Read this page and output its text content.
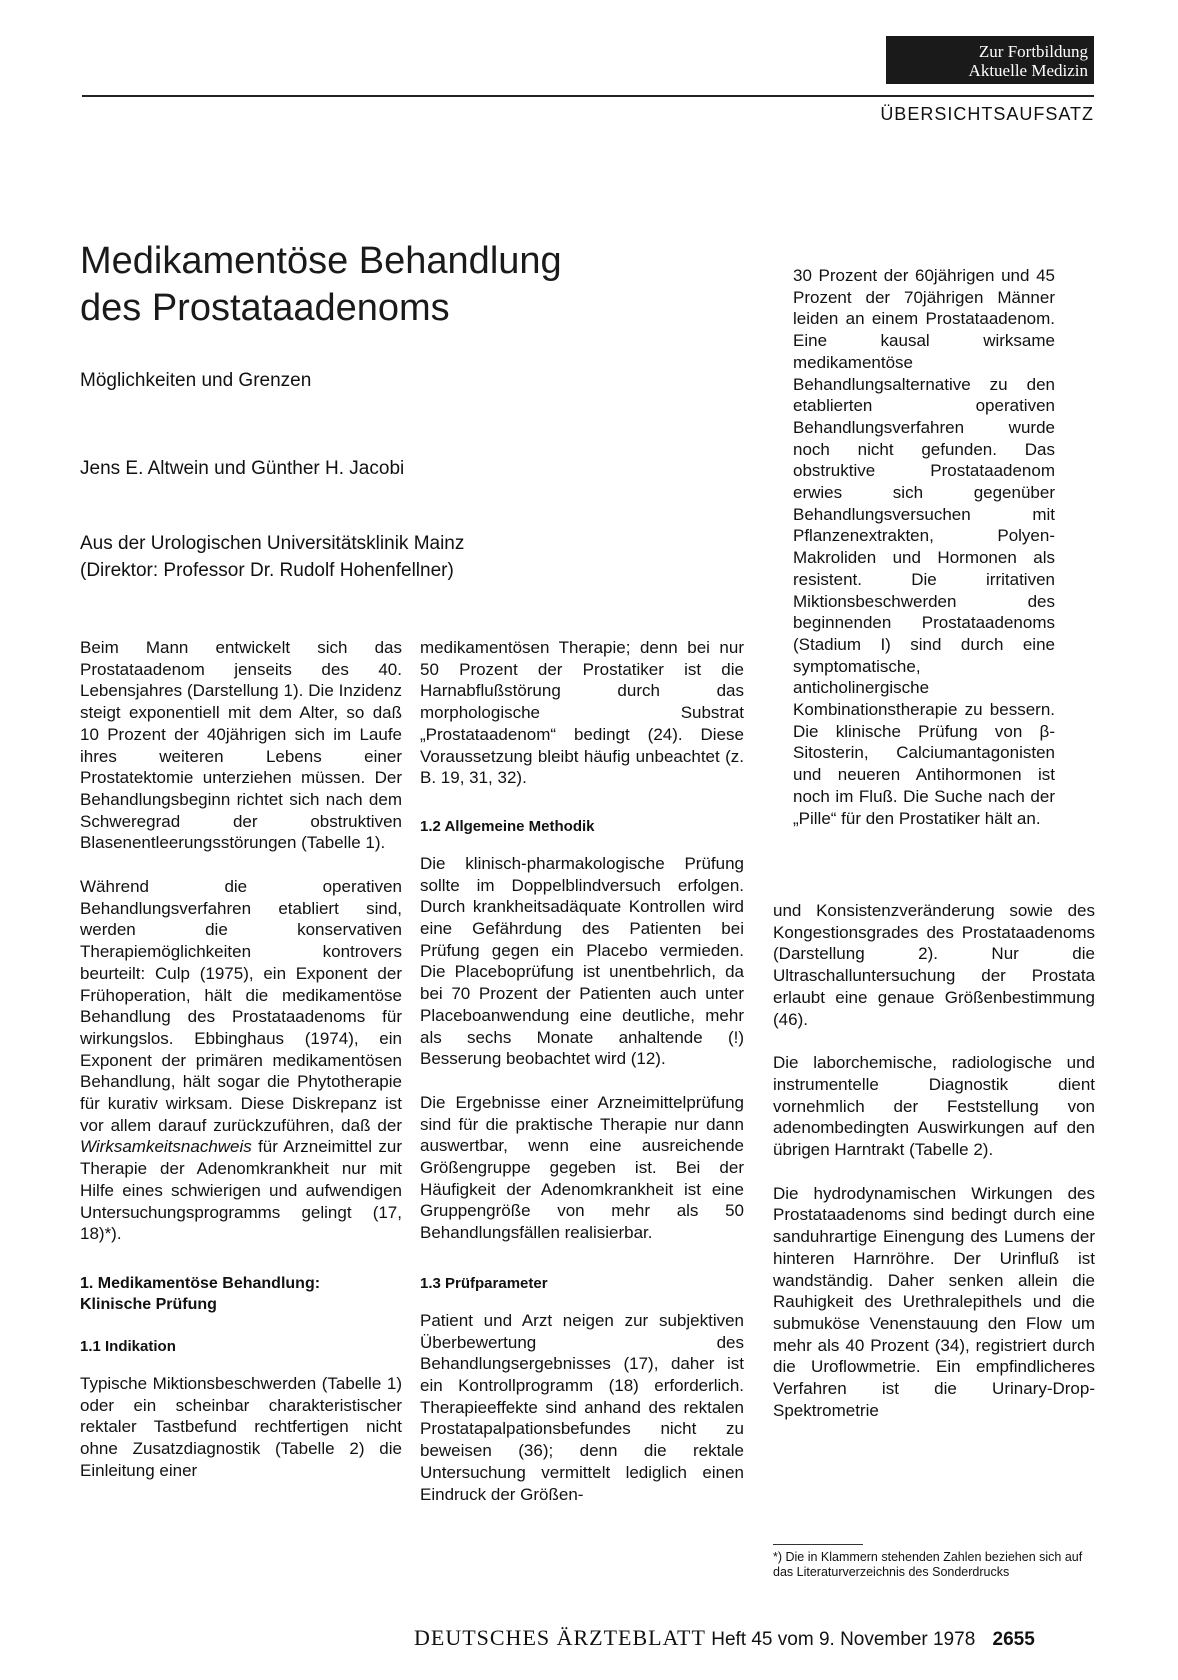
Zur Fortbildung
Aktuelle Medizin
ÜBERSICHTSAUFSATZ
Medikamentöse Behandlung
des Prostataadenoms
Möglichkeiten und Grenzen
Jens E. Altwein und Günther H. Jacobi
Aus der Urologischen Universitätsklinik Mainz
(Direktor: Professor Dr. Rudolf Hohenfellner)

Beim Mann entwickelt sich das Prostataadenom jenseits des 40. Lebensjahres (Darstellung 1). Die Inzidenz steigt exponentiell mit dem Alter, so daß 10 Prozent der 40jährigen sich im Laufe ihres weiteren Lebens einer Prostatektomie unterziehen müssen. Der Behandlungsbeginn richtet sich nach dem Schweregrad der obstruktiven Blasenentleerungsstörungen (Tabelle 1).

Während die operativen Behandlungsverfahren etabliert sind, werden die konservativen Therapiemöglichkeiten kontrovers beurteilt: Culp (1975), ein Exponent der Frühoperation, hält die medikamentöse Behandlung des Prostataadenoms für wirkungslos. Ebbinghaus (1974), ein Exponent der primären medikamentösen Behandlung, hält sogar die Phytotherapie für kurativ wirksam. Diese Diskrepanz ist vor allem darauf zurückzuführen, daß der Wirksamkeitsnachweis für Arzneimittel zur Therapie der Adenomkrankheit nur mit Hilfe eines schwierigen und aufwendigen Untersuchungsprogramms gelingt (17, 18)*).

1. Medikamentöse Behandlung:
Klinische Prüfung
1.1 Indikation

Typische Miktionsbeschwerden (Tabelle 1) oder ein scheinbar charakteristischer rektaler Tastbefund rechtfertigen nicht ohne Zusatzdiagnostik (Tabelle 2) die Einleitung einer

medikamentösen Therapie; denn bei nur 50 Prozent der Prostatiker ist die Harnabflußstörung durch das morphologische Substrat „Prostataadenom“ bedingt (24). Diese Voraussetzung bleibt häufig unbeachtet (z. B. 19, 31, 32).

1.2 Allgemeine Methodik

Die klinisch-pharmakologische Prüfung sollte im Doppelblindversuch erfolgen. Durch krankheitsadäquate Kontrollen wird eine Gefährdung des Patienten bei Prüfung gegen ein Placebo vermieden. Die Placeboprüfung ist unentbehrlich, da bei 70 Prozent der Patienten auch unter Placeboanwendung eine deutliche, mehr als sechs Monate anhaltende (!) Besserung beobachtet wird (12).

Die Ergebnisse einer Arzneimittelprüfung sind für die praktische Therapie nur dann auswertbar, wenn eine ausreichende Größengruppe gegeben ist. Bei der Häufigkeit der Adenomkrankheit ist eine Gruppengröße von mehr als 50 Behandlungsfällen realisierbar.

1.3 Prüfparameter

Patient und Arzt neigen zur subjektiven Überbewertung des Behandlungsergebnisses (17), daher ist ein Kontrollprogramm (18) erforderlich. Therapieeffekte sind anhand des rektalen Prostatapalpationsbefundes nicht zu beweisen (36); denn die rektale Untersuchung vermittelt lediglich einen Eindruck der Größen-

30 Prozent der 60jährigen und 45 Prozent der 70jährigen Männer leiden an einem Prostataadenom. Eine kausal wirksame medikamentöse Behandlungsalternative zu den etablierten operativen Behandlungsverfahren wurde noch nicht gefunden. Das obstruktive Prostataadenom erwies sich gegenüber Behandlungsversuchen mit Pflanzenextrakten, Polyen-Makroliden und Hormonen als resistent. Die irritativen Miktionsbeschwerden des beginnenden Prostataadenoms (Stadium I) sind durch eine symptomatische, anticholinergische Kombinationstherapie zu bessern. Die klinische Prüfung von β-Sitosterin, Calciumantagonisten und neueren Antihormonen ist noch im Fluß. Die Suche nach der „Pille“ für den Prostatiker hält an.

und Konsistenzveränderung sowie des Kongestionsgrades des Prostataadenoms (Darstellung 2). Nur die Ultraschalluntersuchung der Prostata erlaubt eine genaue Größenbestimmung (46).

Die laborchemische, radiologische und instrumentelle Diagnostik dient vornehmlich der Feststellung von adenombedingten Auswirkungen auf den übrigen Harntrakt (Tabelle 2).

Die hydrodynamischen Wirkungen des Prostataadenoms sind bedingt durch eine sanduhrartige Einengung des Lumens der hinteren Harnröhre. Der Urinfluß ist wandständig. Daher senken allein die Rauhigkeit des Urethralepithels und die submuköse Venenstauung den Flow um mehr als 40 Prozent (34), registriert durch die Uroflowmetrie. Ein empfindlicheres Verfahren ist die Urinary-Drop-Spektrometrie

*) Die in Klammern stehenden Zahlen beziehen sich auf das Literaturverzeichnis des Sonderdrucks
DEUTSCHES ÄRZTEBLATT Heft 45 vom 9. November 1978 2655
